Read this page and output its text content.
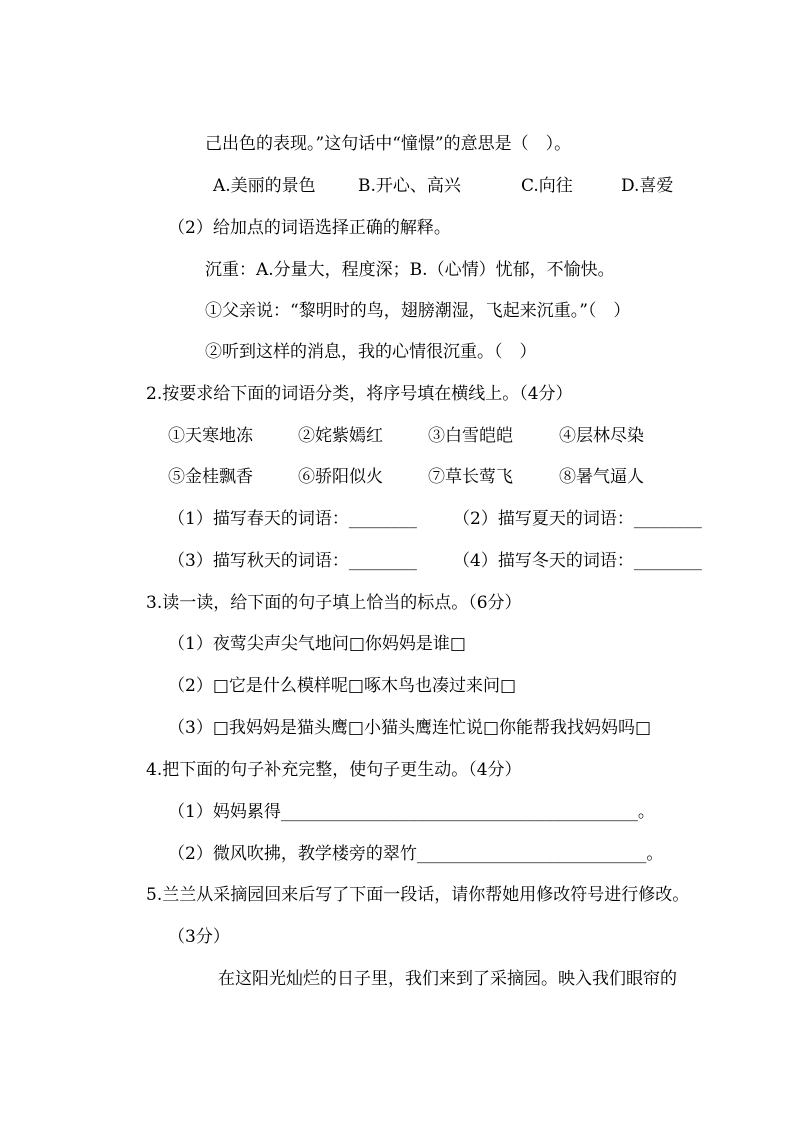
己出色的表现。”这句话中“憧憬”的意思是（　）。
A.美丽的景色 B.开心、高兴	C.向往	D.喜爱
（2）给加点的词语选择正确的解释。
沉重：A.分量大，程度深；B.（心情）忧郁，不愉快。
①父亲说：“黎明时的鸟，翅膀潮湿，飞起来沉重。”（　）
②听到这样的消息，我的心情很沉重。（　）
2.按要求给下面的词语分类，将序号填在横线上。（4分）
①天寒地冻	②姹紫嫣红	③白雪皑皑	④层林尽染
⑤金桂飘香	⑥骄阳似火	⑦草长莺飞	⑧暑气逼人
（1）描写春天的词语：________ （2）描写夏天的词语：________
（3）描写秋天的词语：________ （4）描写冬天的词语：________
3.读一读，给下面的句子填上恰当的标点。（6分）
（1）夜莺尖声尖气地问□你妈妈是谁□
（2）□它是什么模样呢□啄木鸟也凑过来问□
（3）□我妈妈是猫头鹰□小猫头鹰连忙说□你能帮我找妈妈吗□
4.把下面的句子补充完整，使句子更生动。（4分）
（1）妈妈累得__________________________________________。
（2）微风吹拂，教学楼旁的翠竹___________________________。
5.兰兰从采摘园回来后写了下面一段话，请你帮她用修改符号进行修改。
（3分）
在这阳光灿烂的日子里，我们来到了采摘园。映入我们眼帘的
